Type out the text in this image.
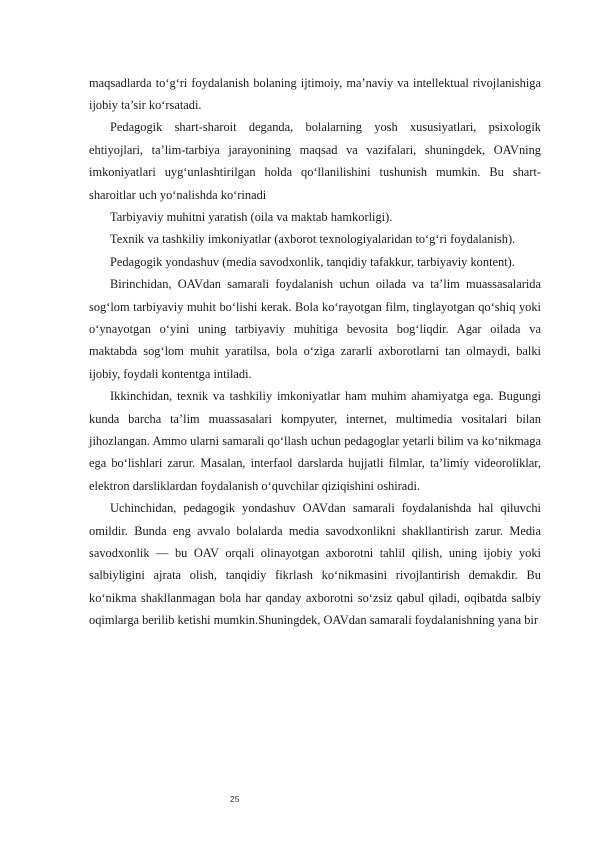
maqsadlarda to‘g‘ri foydalanish bolaning ijtimoiy, ma’naviy va intellektual rivojlanishiga ijobiy ta’sir ko‘rsatadi.

Pedagogik shart-sharoit deganda, bolalarning yosh xususiyatlari, psixologik ehtiyojlari, ta’lim-tarbiya jarayonining maqsad va vazifalari, shuningdek, OAVning imkoniyatlari uyg‘unlashtirilgan holda qo‘llanilishini tushunish mumkin. Bu shart-sharoitlar uch yo‘nalishda ko‘rinadi

Tarbiyaviy muhitni yaratish (oila va maktab hamkorligi).

Texnik va tashkiliy imkoniyatlar (axborot texnologiyalaridan to‘g‘ri foydalanish).

Pedagogik yondashuv (media savodxonlik, tanqidiy tafakkur, tarbiyaviy kontent).

Birinchidan, OAVdan samarali foydalanish uchun oilada va ta’lim muassasalarida sog‘lom tarbiyaviy muhit bo‘lishi kerak. Bola ko‘rayotgan film, tinglayotgan qo‘shiq yoki o‘ynayotgan o‘yini uning tarbiyaviy muhitiga bevosita bog‘liqdir. Agar oilada va maktabda sog‘lom muhit yaratilsa, bola o‘ziga zararli axborotlarni tan olmaydi, balki ijobiy, foydali kontentga intiladi.

Ikkinchidan, texnik va tashkiliy imkoniyatlar ham muhim ahamiyatga ega. Bugungi kunda barcha ta’lim muassasalari kompyuter, internet, multimedia vositalari bilan jihozlangan. Ammo ularni samarali qo‘llash uchun pedagoglar yetarli bilim va ko‘nikmaga ega bo‘lishlari zarur. Masalan, interfaol darslarda hujjatli filmlar, ta’limiy videoroliklar, elektron darsliklardan foydalanish o‘quvchilar qiziqishini oshiradi.

Uchinchidan, pedagogik yondashuv OAVdan samarali foydalanishda hal qiluvchi omildir. Bunda eng avvalo bolalarda media savodxonlikni shakllantirish zarur. Media savodxonlik — bu OAV orqali olinayotgan axborotni tahlil qilish, uning ijobiy yoki salbiyligini ajrata olish, tanqidiy fikrlash ko‘nikmasini rivojlantirish demakdir. Bu ko‘nikma shakllanmagan bola har qanday axborotni so‘zsiz qabul qiladi, oqibatda salbiy oqimlarga berilib ketishi mumkin.Shuningdek, OAVdan samarali foydalanishning yana bir

25
